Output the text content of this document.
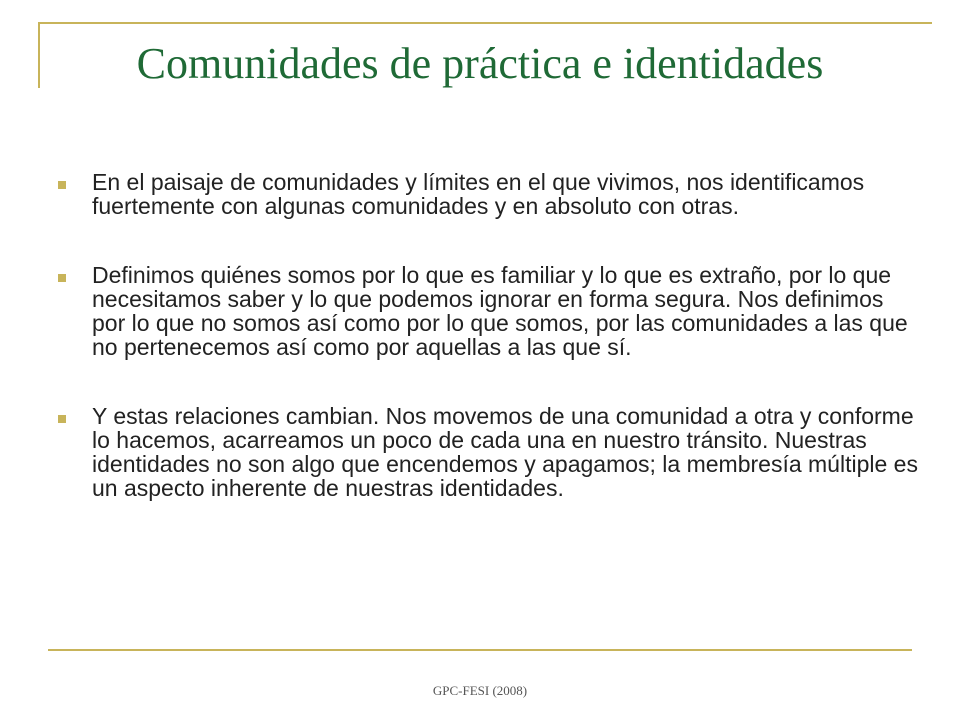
Comunidades de práctica e identidades
En el paisaje de comunidades y límites en el que vivimos, nos identificamos fuertemente con algunas comunidades y en absoluto con otras.
Definimos quiénes somos por lo que es familiar y lo que es extraño, por lo que necesitamos saber y lo que podemos ignorar en forma segura. Nos definimos por lo que no somos así como por lo que somos, por las comunidades a las que no pertenecemos así como por aquellas a las que sí.
Y estas relaciones cambian. Nos movemos de una comunidad a otra y conforme lo hacemos, acarreamos un poco de cada una en nuestro tránsito. Nuestras identidades no son algo que encendemos y apagamos; la membresía múltiple es un aspecto inherente de nuestras identidades.
GPC-FESI (2008)
